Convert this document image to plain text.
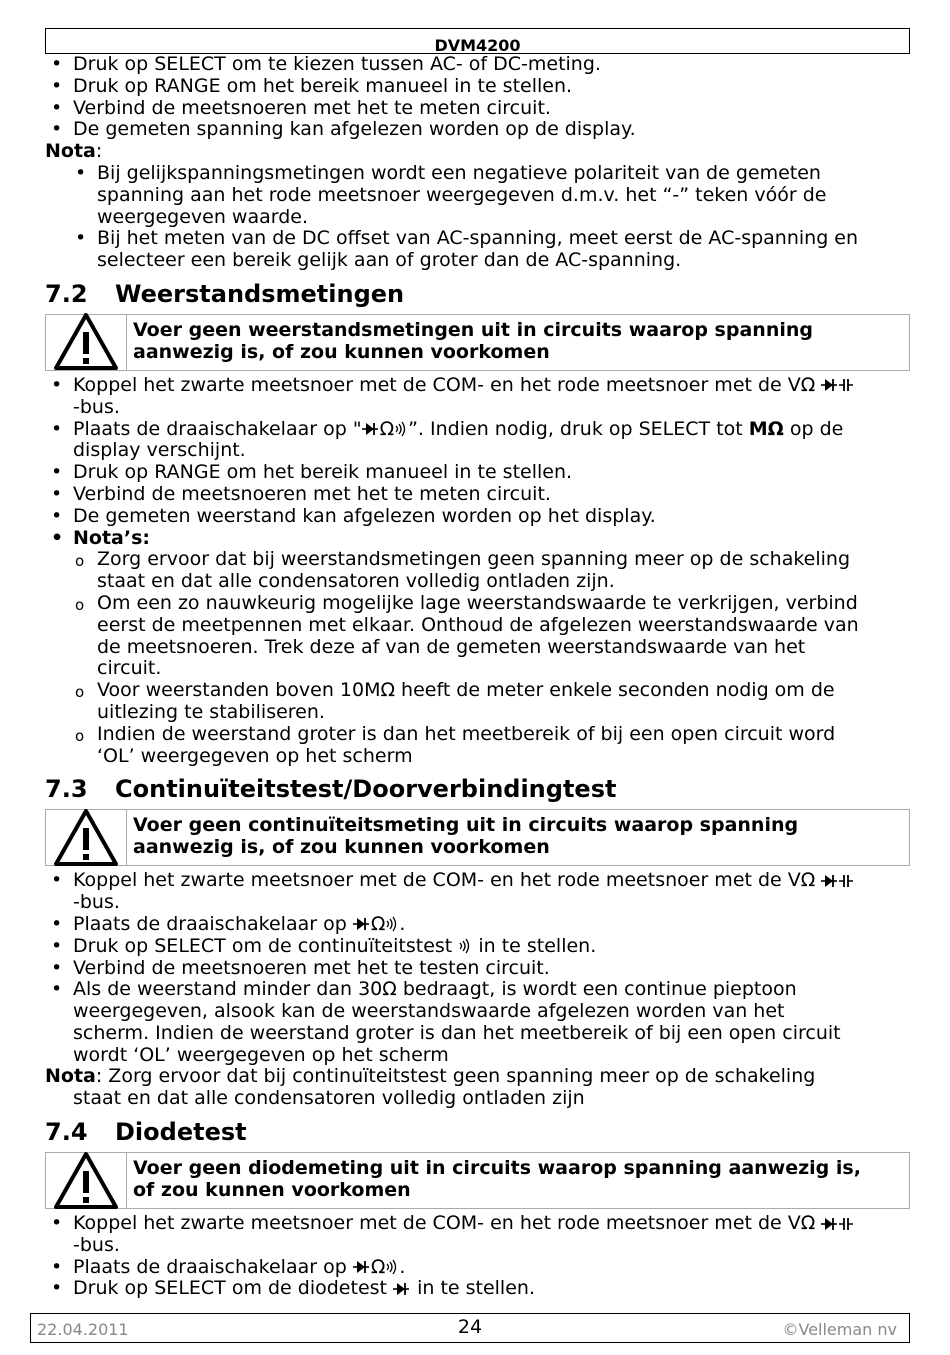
DVM4200
• Druk op SELECT om te kiezen tussen AC- of DC-meting.
• Druk op RANGE om het bereik manueel in te stellen.
• Verbind de meetsnoeren met het te meten circuit.
• De gemeten spanning kan afgelezen worden op de display.
Nota:
• Bij gelijkspanningsmetingen wordt een negatieve polariteit van de gemeten
spanning aan het rode meetsnoer weergegeven d.m.v. het “-” teken vóór de
weergegeven waarde.
• Bij het meten van de DC offset van AC-spanning, meet eerst de AC-spanning en
selecteer een bereik gelijk aan of groter dan de AC-spanning.
7.2 Weerstandsmetingen
Voer geen weerstandsmetingen uit in circuits waarop spanning
aanwezig is, of zou kunnen voorkomen
• Koppel het zwarte meetsnoer met de COM- en het rode meetsnoer met de VΩ
-bus.
• Plaats de draaischakelaar op " Ω ”. Indien nodig, druk op SELECT tot MΩ op de
display verschijnt.
• Druk op RANGE om het bereik manueel in te stellen.
• Verbind de meetsnoeren met het te meten circuit.
• De gemeten weerstand kan afgelezen worden op het display.
• Nota’s:
o Zorg ervoor dat bij weerstandsmetingen geen spanning meer op de schakeling
staat en dat alle condensatoren volledig ontladen zijn.
o Om een zo nauwkeurig mogelijke lage weerstandswaarde te verkrijgen, verbind
eerst de meetpennen met elkaar. Onthoud de afgelezen weerstandswaarde van
de meetsnoeren. Trek deze af van de gemeten weerstandswaarde van het
circuit.
o Voor weerstanden boven 10MΩ heeft de meter enkele seconden nodig om de
uitlezing te stabiliseren.
o Indien de weerstand groter is dan het meetbereik of bij een open circuit word
‘OL’ weergegeven op het scherm
7.3 Continuïteitstest/Doorverbindingtest
Voer geen continuïteitsmeting uit in circuits waarop spanning
aanwezig is, of zou kunnen voorkomen
• Koppel het zwarte meetsnoer met de COM- en het rode meetsnoer met de VΩ
-bus.
• Plaats de draaischakelaar op Ω .
• Druk op SELECT om de continuïteitstest in te stellen.
• Verbind de meetsnoeren met het te testen circuit.
• Als de weerstand minder dan 30Ω bedraagt, is wordt een continue pieptoon
weergegeven, alsook kan de weerstandswaarde afgelezen worden van het
scherm. Indien de weerstand groter is dan het meetbereik of bij een open circuit
wordt ‘OL’ weergegeven op het scherm
Nota: Zorg ervoor dat bij continuïteitstest geen spanning meer op de schakeling
staat en dat alle condensatoren volledig ontladen zijn
7.4 Diodetest
Voer geen diodemeting uit in circuits waarop spanning aanwezig is,
of zou kunnen voorkomen
• Koppel het zwarte meetsnoer met de COM- en het rode meetsnoer met de VΩ
-bus.
• Plaats de draaischakelaar op Ω .
• Druk op SELECT om de diodetest in te stellen.
22.04.2011	24	©Velleman nv
